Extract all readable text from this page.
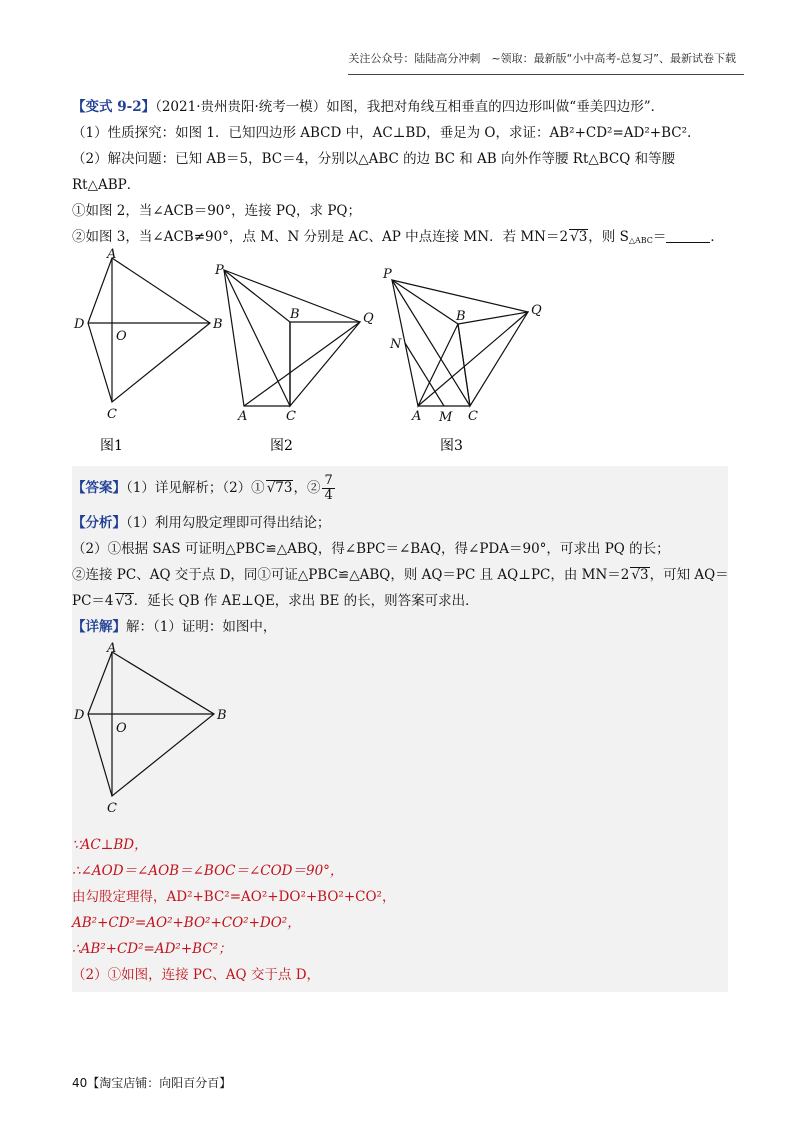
关注公众号：陆陆高分冲刺　~领取：最新版“小中高考-总复习”、最新试卷下载
【变式 9-2】（2021·贵州贵阳·统考一模）如图，我把对角线互相垂直的四边形叫做“垂美四边形”．
（1）性质探究：如图 1．已知四边形 ABCD 中，AC⊥BD，垂足为 O，求证：AB²+CD²=AD²+BC².
（2）解决问题：已知 AB＝5，BC＝4，分别以△ABC 的边 BC 和 AB 向外作等腰 Rt△BCQ 和等腰
Rt△ABP．
①如图 2，当∠ACB＝90°，连接 PQ，求 PQ；
②如图 3，当∠ACB≠90°，点 M、N 分别是 AC、AP 中点连接 MN．若 MN＝2 √3，则 $S_{\triangle ABC}=$	．
A
B
C
D
O
图1
P
Q
B
A	C
图2
P
Q
B
N
A M C
图3
【答案】（1）详见解析；（2）① √73，② $\frac{7}{4}$
【分析】（1）利用勾股定理即可得出结论；
（2）①根据 SAS 可证明△PBC≌△ABQ，得∠BPC＝∠BAQ，得∠PDA＝90°，可求出 PQ 的长；
②连接 PC、AQ 交于点 D，同①可证△PBC≌△ABQ，则 AQ＝PC 且 AQ⊥PC，由 MN＝2 √3，可知 AQ＝
PC＝4 √3．延长 QB 作 AE⊥QE，求出 BE 的长，则答案可求出．
【详解】解：（1）证明：如图中，
A
B
C
D
O
∵AC⊥BD，
∴∠AOD＝∠AOB＝∠BOC＝∠COD＝90°，
由勾股定理得，AD²+BC²=AO²+DO²+BO²+CO²，
AB²+CD²=AO²+BO²+CO²+DO²，
∴AB²+CD²=AD²+BC²；
（2）①如图，连接 PC、AQ 交于点 D，
40【淘宝店铺：向阳百分百】
